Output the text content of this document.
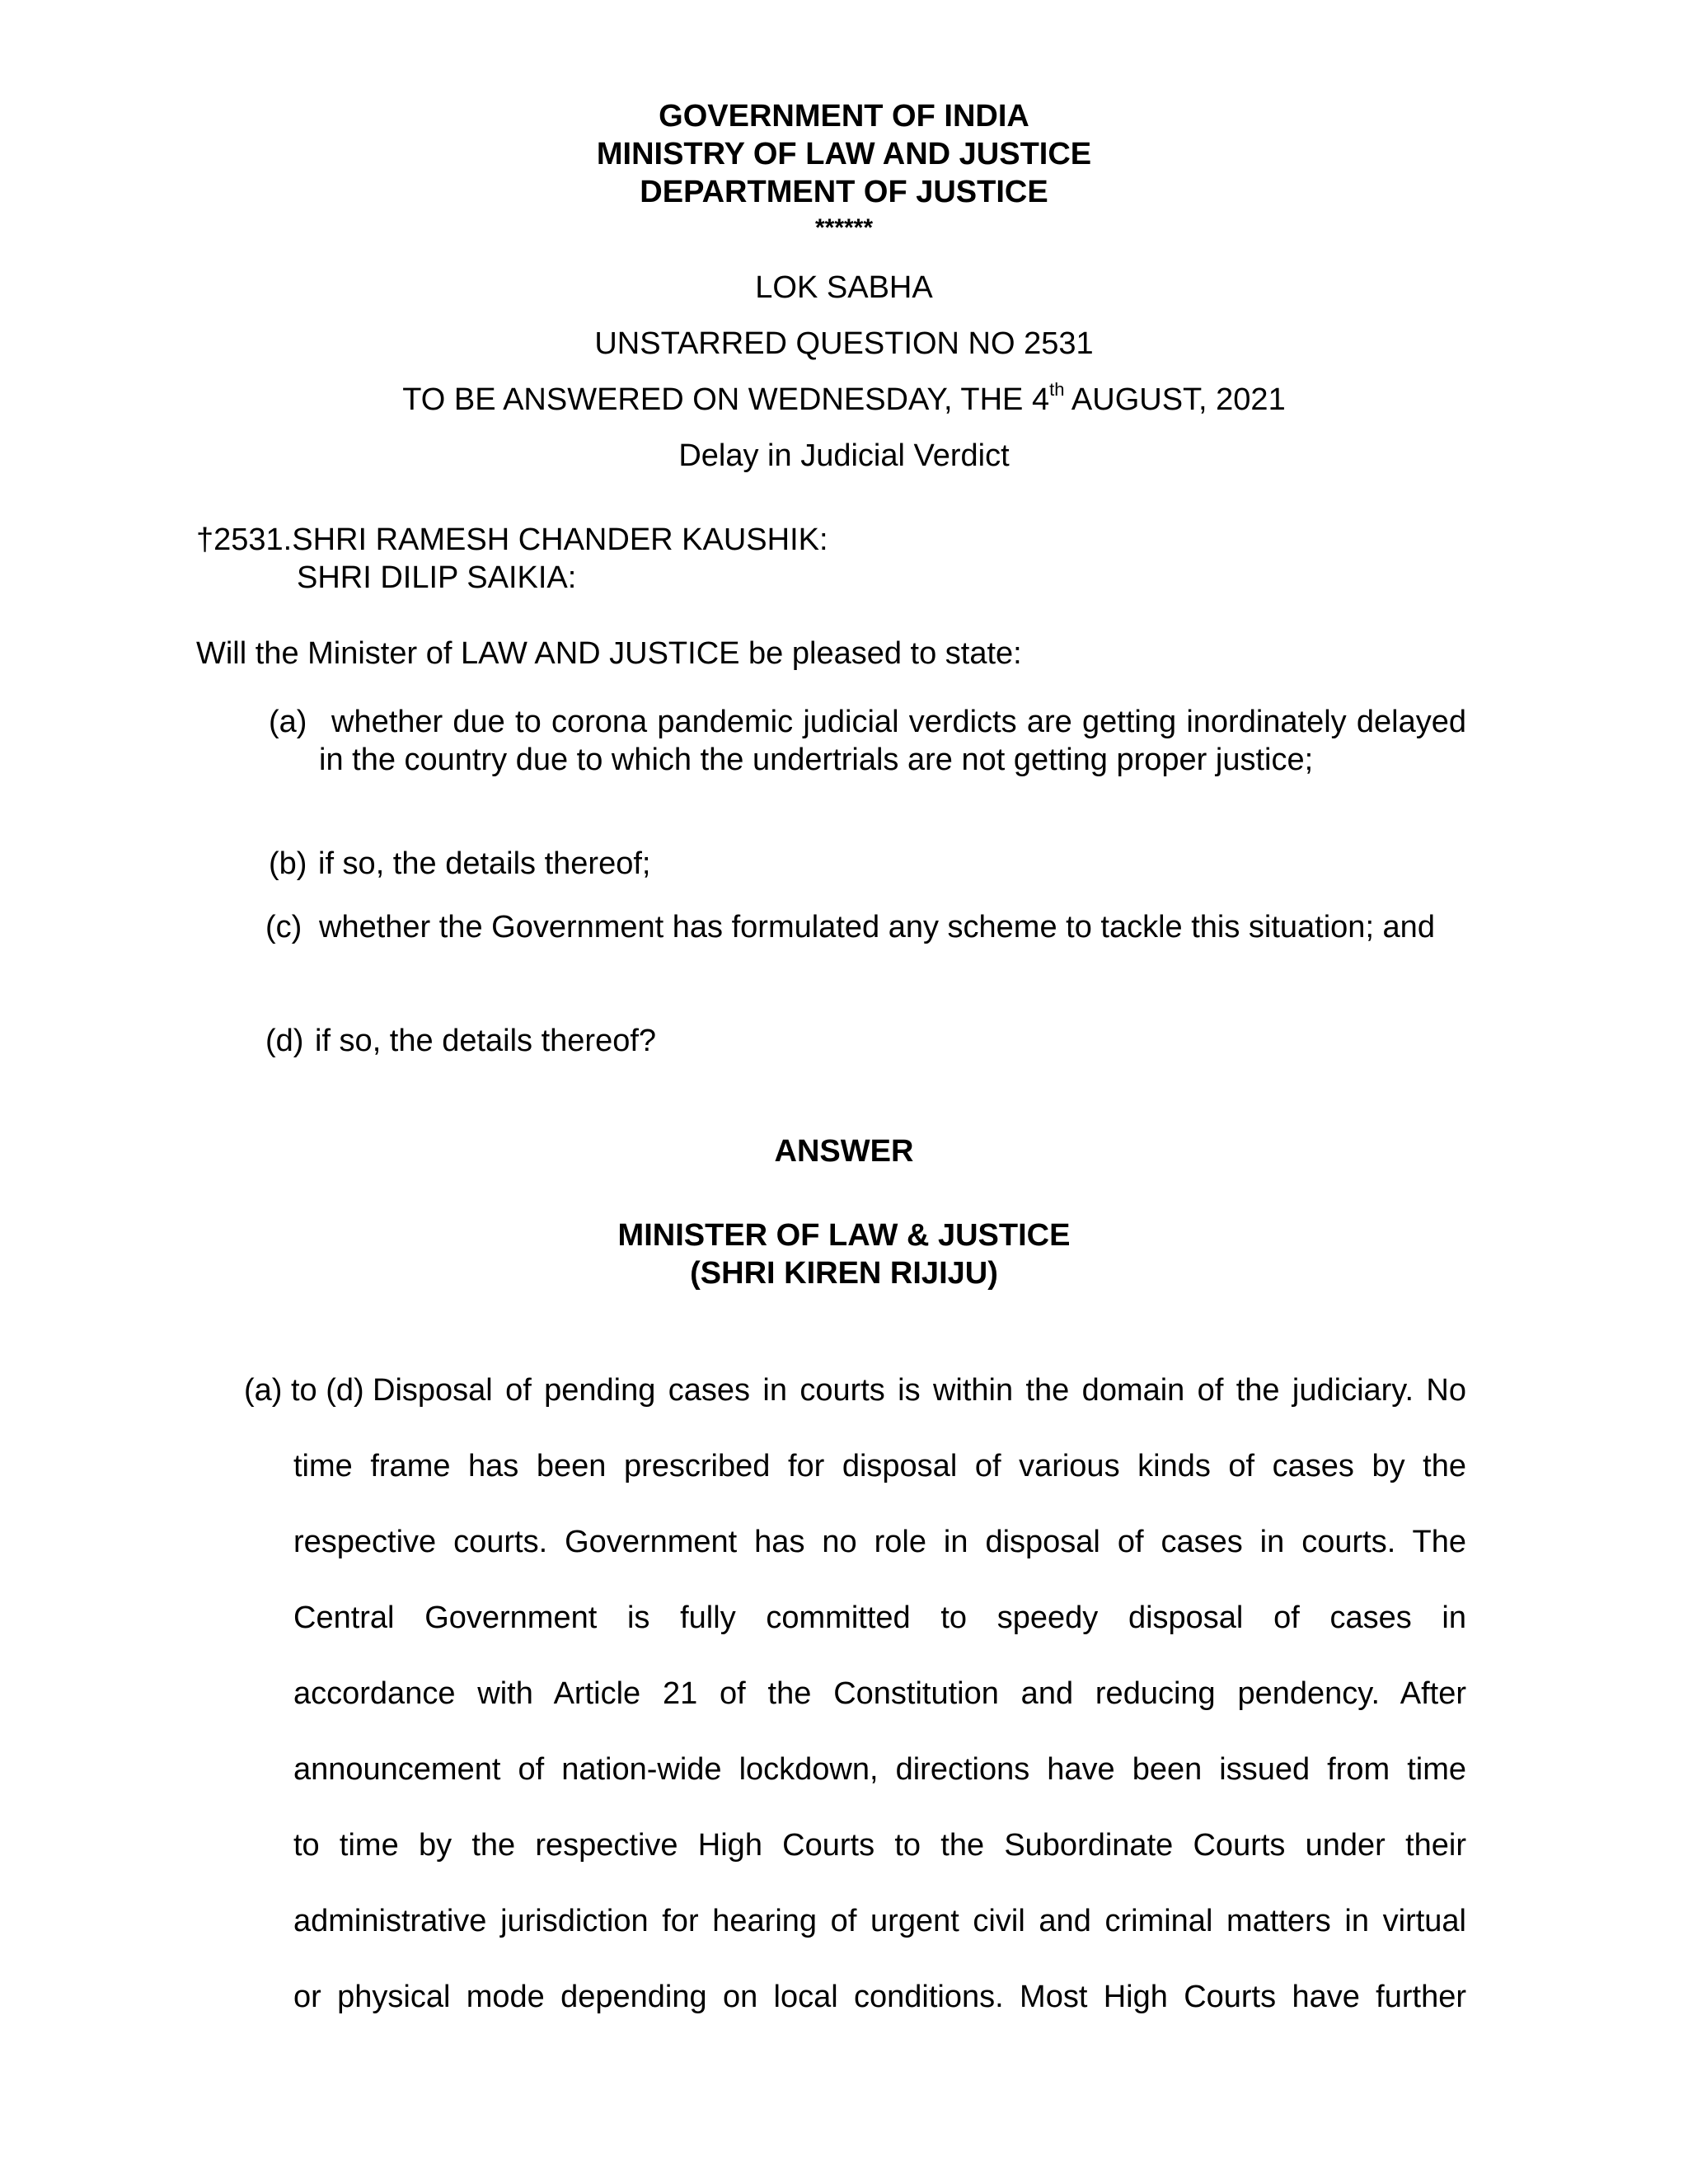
GOVERNMENT OF INDIA
MINISTRY OF LAW AND JUSTICE
DEPARTMENT OF JUSTICE
******
LOK SABHA
UNSTARRED QUESTION NO 2531
TO BE ANSWERED ON WEDNESDAY, THE 4th AUGUST, 2021
Delay in Judicial Verdict
†2531.SHRI RAMESH CHANDER KAUSHIK:
SHRI DILIP SAIKIA:
Will the Minister of LAW AND JUSTICE be pleased to state:
(a) whether due to corona pandemic judicial verdicts are getting inordinately delayed in the country due to which the undertrials are not getting proper justice;
(b) if so, the details thereof;
(c) whether the Government has formulated any scheme to tackle this situation; and
(d) if so, the details thereof?
ANSWER
MINISTER OF LAW & JUSTICE
(SHRI KIREN RIJIJU)
(a) to (d) Disposal of pending cases in courts is within the domain of the judiciary. No
time frame has been prescribed for disposal of various kinds of cases by the
respective courts. Government has no role in disposal of cases in courts. The
Central Government is fully committed to speedy disposal of cases in
accordance with Article 21 of the Constitution and reducing pendency. After
announcement of nation-wide lockdown, directions have been issued from time
to time by the respective High Courts to the Subordinate Courts under their
administrative jurisdiction for hearing of urgent civil and criminal matters in virtual
or physical mode depending on local conditions. Most High Courts have further
